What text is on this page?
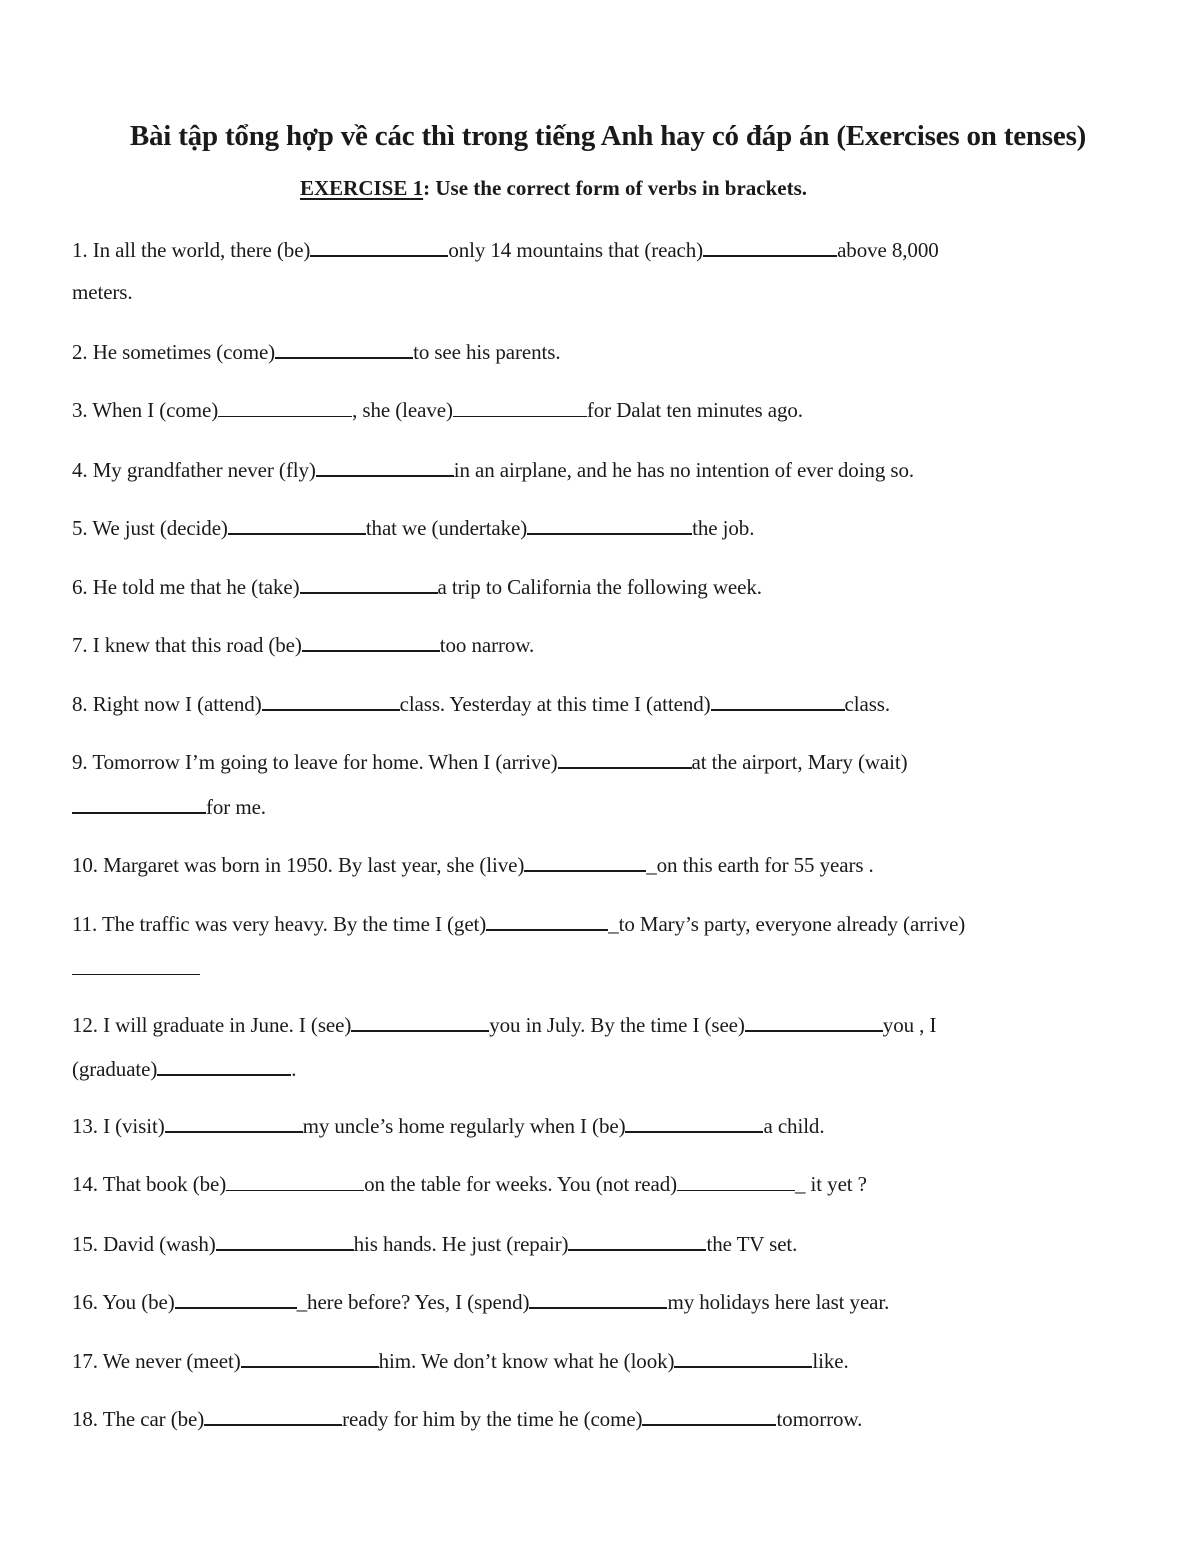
Bài tập tổng hợp về các thì trong tiếng Anh hay có đáp án (Exercises on tenses)

EXERCISE 1: Use the correct form of verbs in brackets.

1. In all the world, there (be)	only 14 mountains that (reach)	above 8,000

meters.

2. He sometimes (come)	to see his parents.

3. When I (come)	, she (leave)	for Dalat ten minutes ago.

4. My grandfather never (fly)	in an airplane, and he has no intention of ever doing so.

5. We just (decide)	that we (undertake)	the job.

6. He told me that he (take)	a trip to California the following week.

7. I knew that this road (be)	too narrow.

8. Right now I (attend)	class. Yesterday at this time I (attend)	class.

9. Tomorrow I’m going to leave for home. When I (arrive)	at the airport, Mary (wait)

for me.

10. Margaret was born in 1950. By last year, she (live)	_on this earth for 55 years .

11. The traffic was very heavy. By the time I (get)	_to Mary’s party, everyone already (arrive)

12. I will graduate in June. I (see)	you in July. By the time I (see)	you , I

(graduate)	.

13. I (visit)	my uncle’s home regularly when I (be)	a child.

14. That book (be)	on the table for weeks. You (not read)	_ it yet ?

15. David (wash)	his hands. He just (repair)	the TV set.

16. You (be)	_here before? Yes, I (spend)	my holidays here last year.

17. We never (meet)	him. We don’t know what he (look)	like.

18. The car (be)	ready for him by the time he (come)	tomorrow.
